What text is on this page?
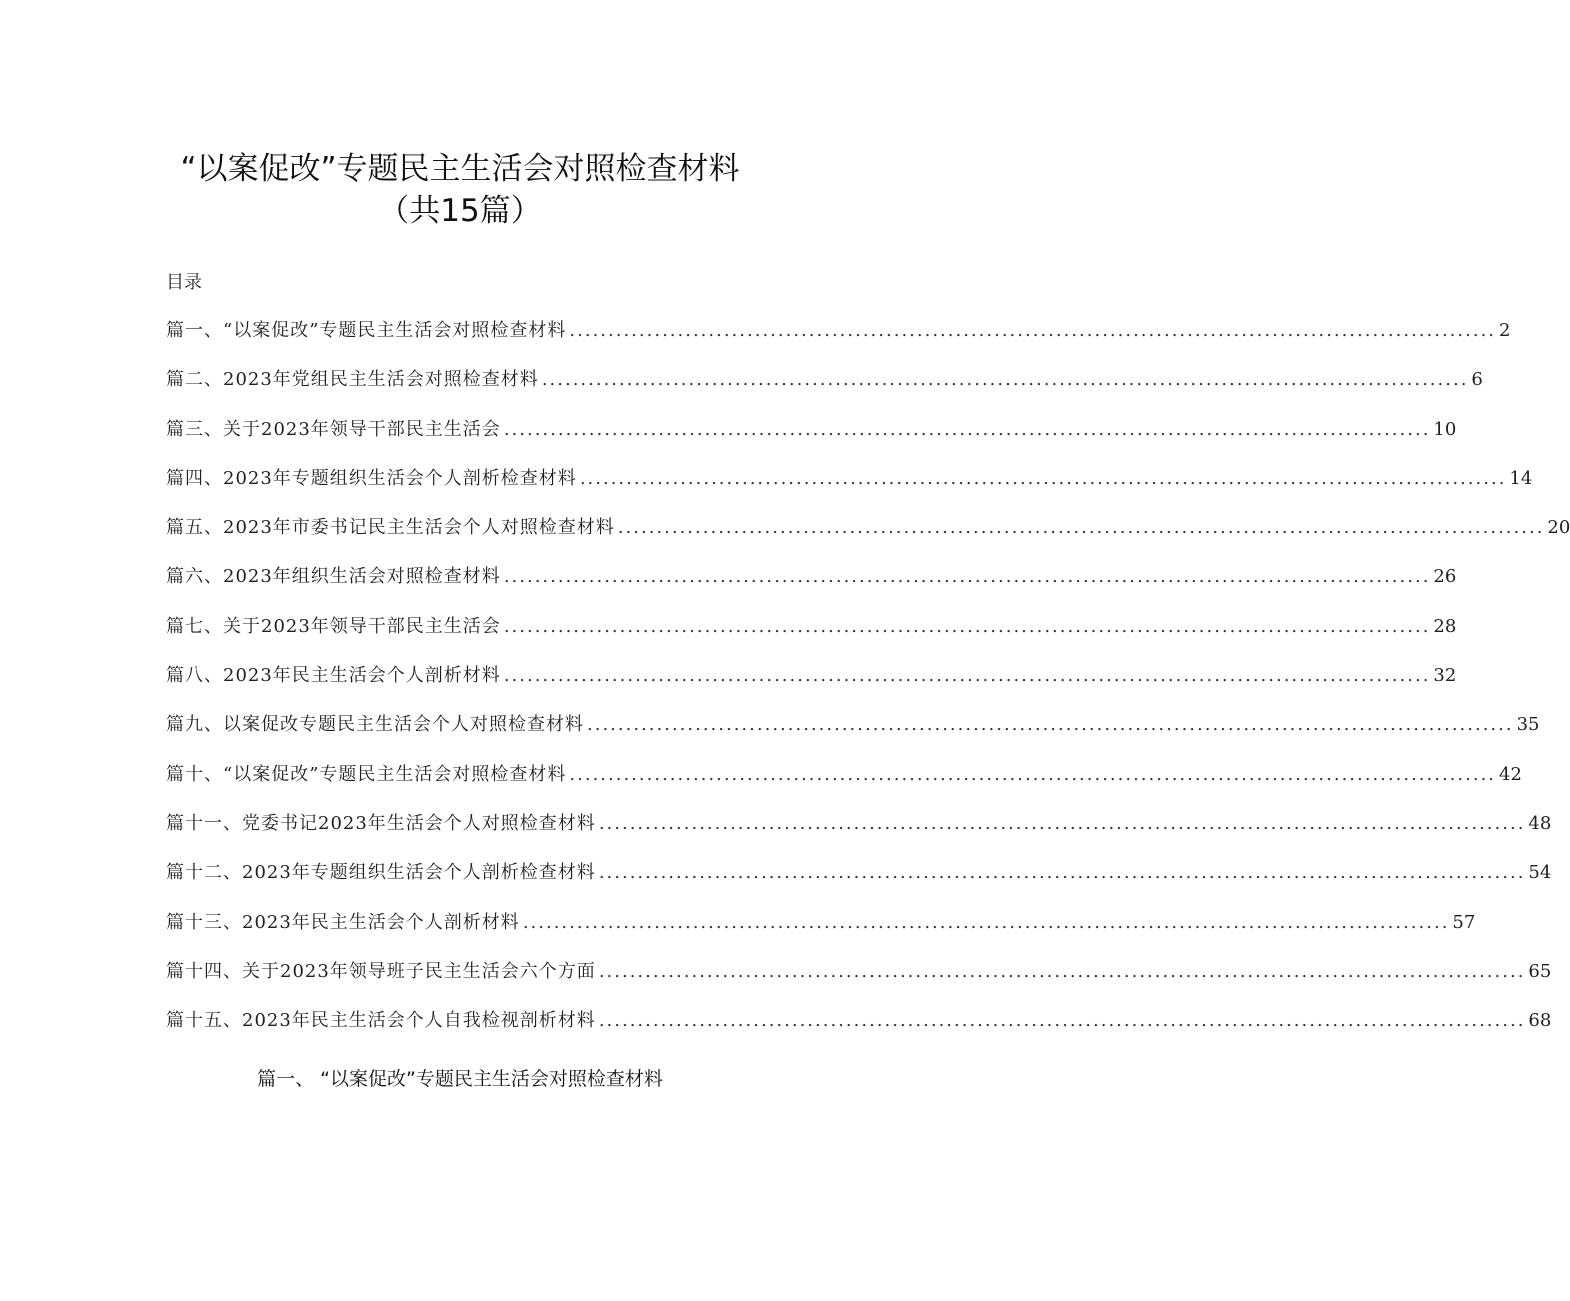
“以案促改”专题民主生活会对照检查材料
（共15篇）
目录
篇一、“以案促改”专题民主生活会对照检查材料 ........................................................................................................................ 2
篇二、2023年党组民主生活会对照检查材料 ........................................................................................................................ 6
篇三、关于2023年领导干部民主生活会 ........................................................................................................................ 10
篇四、2023年专题组织生活会个人剖析检查材料 ........................................................................................................................ 14
篇五、2023年市委书记民主生活会个人对照检查材料 ........................................................................................................................ 20
篇六、2023年组织生活会对照检查材料 ........................................................................................................................ 26
篇七、关于2023年领导干部民主生活会 ........................................................................................................................ 28
篇八、2023年民主生活会个人剖析材料 ........................................................................................................................ 32
篇九、以案促改专题民主生活会个人对照检查材料 ........................................................................................................................ 35
篇十、“以案促改”专题民主生活会对照检查材料 ........................................................................................................................ 42
篇十一、党委书记2023年生活会个人对照检查材料 ........................................................................................................................ 48
篇十二、2023年专题组织生活会个人剖析检查材料 ........................................................................................................................ 54
篇十三、2023年民主生活会个人剖析材料 ........................................................................................................................ 57
篇十四、关于2023年领导班子民主生活会六个方面 ........................................................................................................................ 65
篇十五、2023年民主生活会个人自我检视剖析材料 ........................................................................................................................ 68
篇一、 “以案促改”专题民主生活会对照检查材料
